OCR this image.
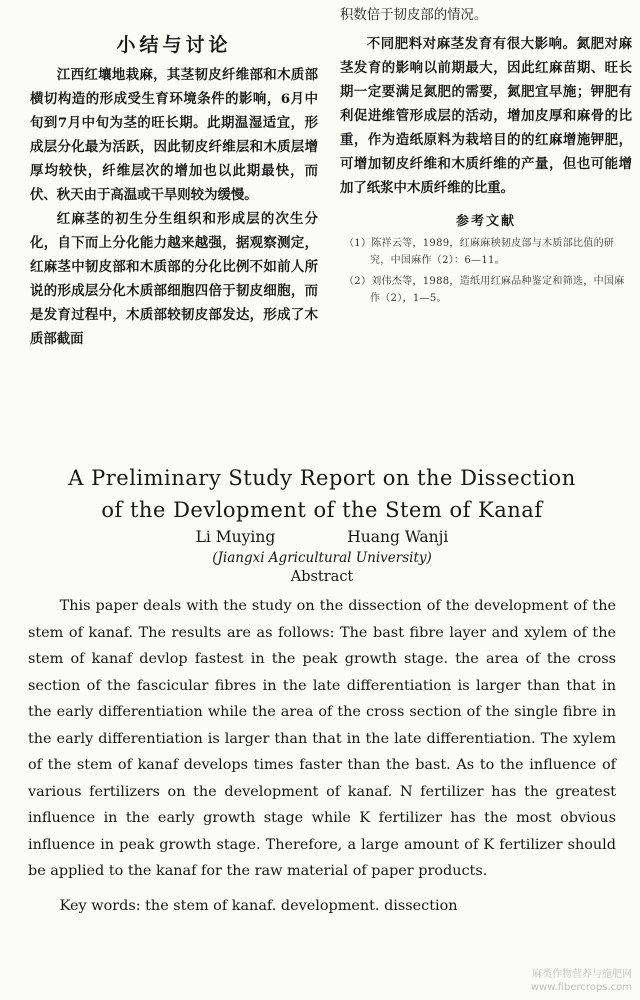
小结与讨论

江西红壤地栽麻，其茎韧皮纤维部和木质部横切构造的形成受生育环境条件的影响，6月中旬到7月中旬为茎的旺长期。此期温湿适宜，形成层分化最为活跃，因此韧皮纤维层和木质层增厚均较快，纤维层次的增加也以此期最快，而伏、秋天由于高温或干旱则较为缓慢。

红麻茎的初生分生组织和形成层的次生分化，自下而上分化能力越来越强，据观察测定，红麻茎中韧皮部和木质部的分化比例不如前人所说的形成层分化木质部细胞四倍于韧皮细胞，而是发育过程中，木质部较韧皮部发达，形成了木质部截面

积数倍于韧皮部的情况。

不同肥料对麻茎发育有很大影响。氮肥对麻茎发育的影响以前期最大，因此红麻苗期、旺长期一定要满足氮肥的需要，氮肥宜早施；钾肥有利促进维管形成层的活动，增加皮厚和麻骨的比重，作为造纸原料为栽培目的的红麻增施钾肥，可增加韧皮纤维和木质纤维的产量，但也可能增加了纸浆中木质纤维的比重。

参考文献

（1）陈祥云等，1989，红麻麻秧韧皮部与木质部比值的研究，中国麻作（2）：6—11。

（2）刘伟杰等，1988，造纸用红麻品种鉴定和筛选，中国麻作（2），1—5。

A Preliminary Study Report on the Dissection
of the Devlopment of the Stem of Kanaf
Li Muying	Huang Wanji
(Jiangxi Agricultural University)
Abstract

This paper deals with the study on the dissection of the development of the stem of kanaf. The results are as follows: The bast fibre layer and xylem of the stem of kanaf devlop fastest in the peak growth stage. the area of the cross section of the fascicular fibres in the late differentiation is larger than that in the early differentiation while the area of the cross section of the single fibre in the early differentiation is larger than that in the late differentiation. The xylem of the stem of kanaf develops times faster than the bast. As to the influence of various fertilizers on the development of kanaf. N fertilizer has the greatest influence in the early growth stage while K fertilizer has the most obvious influence in peak growth stage. Therefore, a large amount of K fertilizer should be applied to the kanaf for the raw material of paper products.

Key words: the stem of kanaf. development. dissection

麻类作物营养与施肥网
www.fibercrops.com
